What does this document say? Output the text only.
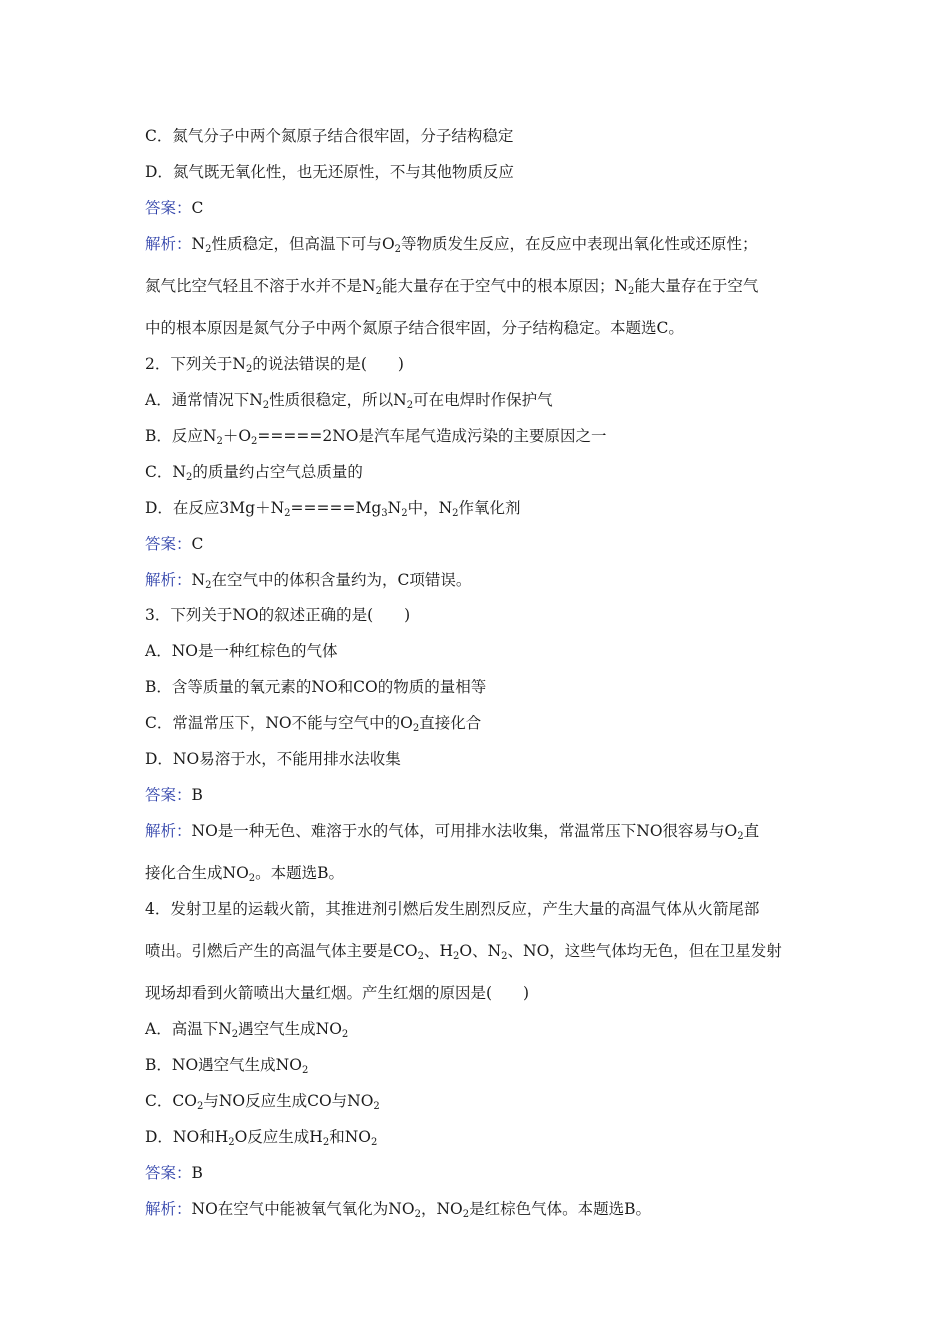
C．氮气分子中两个氮原子结合很牢固，分子结构稳定
D．氮气既无氧化性，也无还原性，不与其他物质反应
答案：C
解析：$N_2$性质稳定，但高温下可与$O_2$等物质发生反应，在反应中表现出氧化性或还原性；
氮气比空气轻且不溶于水并不是$N_2$能大量存在于空气中的根本原因；$N_2$能大量存在于空气
中的根本原因是氮气分子中两个氮原子结合很牢固，分子结构稳定。本题选C。
2．下列关于$N_2$的说法错误的是(　　)
A．通常情况下$N_2$性质很稳定，所以$N_2$可在电焊时作保护气
B．反应$N_2+O_2=====2NO$是汽车尾气造成污染的主要原因之一
C．$N_2$的质量约占空气总质量的
D．在反应$3Mg+N_2=====Mg_3N_2$中，$N_2$作氧化剂
答案：C
解析：$N_2$在空气中的体积含量约为，C项错误。
3．下列关于NO的叙述正确的是(　　)
A．NO是一种红棕色的气体
B．含等质量的氧元素的NO和CO的物质的量相等
C．常温常压下，NO不能与空气中的$O_2$直接化合
D．NO易溶于水，不能用排水法收集
答案：B
解析：NO是一种无色、难溶于水的气体，可用排水法收集，常温常压下NO很容易与$O_2$直
接化合生成$NO_2$。本题选B。
4．发射卫星的运载火箭，其推进剂引燃后发生剧烈反应，产生大量的高温气体从火箭尾部
喷出。引燃后产生的高温气体主要是$CO_2$、$H_2O$、$N_2$、NO，这些气体均无色，但在卫星发射
现场却看到火箭喷出大量红烟。产生红烟的原因是(　　)
A．高温下$N_2$遇空气生成$NO_2$
B．NO遇空气生成$NO_2$
C．$CO_2$与NO反应生成CO与$NO_2$
D．NO和$H_2O$反应生成$H_2$和$NO_2$
答案：B
解析：NO在空气中能被氧气氧化为$NO_2$，$NO_2$是红棕色气体。本题选B。
